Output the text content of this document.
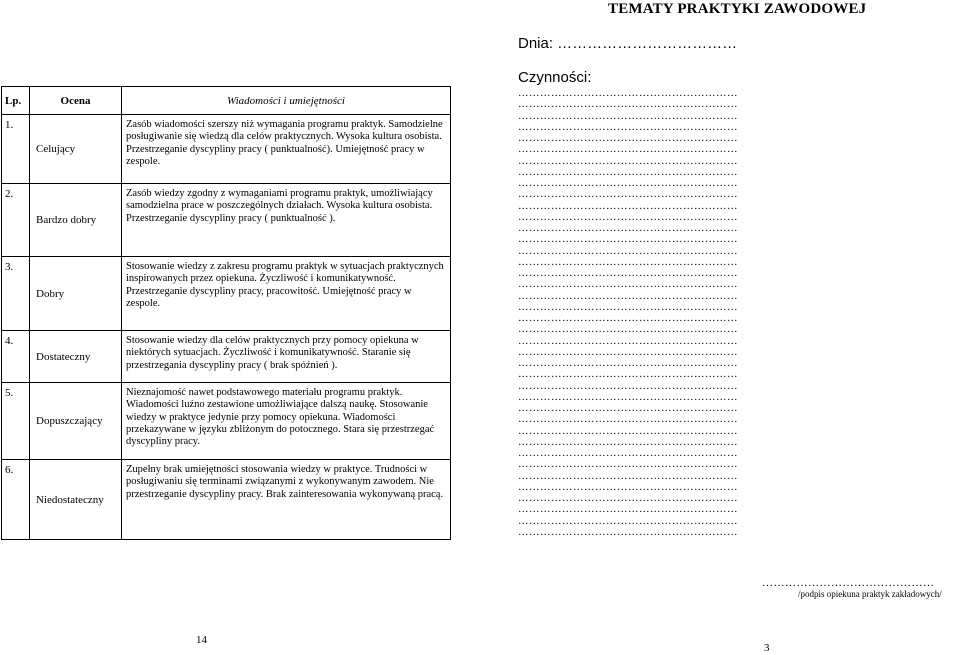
TEMATY PRAKTYKI ZAWODOWEJ
Dnia: ………………………………
Czynności:
……………………………………………………
……………………………………………………
……………………………………………………
……………………………………………………
……………………………………………………
……………………………………………………
……………………………………………………
……………………………………………………
……………………………………………………
……………………………………………………
……………………………………………………
……………………………………………………
……………………………………………………
……………………………………………………
……………………………………………………
……………………………………………………
……………………………………………………
……………………………………………………
……………………………………………………
……………………………………………………
……………………………………………………
……………………………………………………
……………………………………………………
……………………………………………………
……………………………………………………
……………………………………………………
……………………………………………………
……………………………………………………
……………………………………………………
……………………………………………………
……………………………………………………
……………………………………………………
……………………………………………………
……………………………………………………
……………………………………………………
……………………………………………………
……………………………………………………
……………………………………………………
……………………………………………………
……………………………………………………
Lp.	Ocena	Wiadomości i umiejętności
1.	Celujący	Zasób wiadomości szerszy niż wymagania programu praktyk. Samodzielne posługiwanie się wiedzą dla celów praktycznych. Wysoka kultura osobista. Przestrzeganie dyscypliny pracy ( punktualność). Umiejętność pracy w zespole.
2.	Bardzo dobry	Zasób wiedzy zgodny z wymaganiami programu praktyk, umożliwiający samodzielna prace w poszczególnych działach. Wysoka kultura osobista. Przestrzeganie dyscypliny pracy ( punktualność ).
3.	Dobry	Stosowanie wiedzy z zakresu programu praktyk w sytuacjach praktycznych inspirowanych przez opiekuna. Życzliwość i komunikatywność. Przestrzeganie dyscypliny pracy, pracowitość. Umiejętność pracy w zespole.
4.	Dostateczny	Stosowanie wiedzy dla celów praktycznych przy pomocy opiekuna w niektórych sytuacjach. Życzliwość i komunikatywność. Staranie się przestrzegania dyscypliny pracy ( brak spóźnień ).
5.	Dopuszczający	Nieznajomość nawet podstawowego materiału programu praktyk. Wiadomości luźno zestawione umożliwiające dalszą naukę. Stosowanie wiedzy w praktyce jedynie przy pomocy opiekuna. Wiadomości przekazywane w języku zbliżonym do potocznego. Stara się przestrzegać dyscypliny pracy.
6.	Niedostateczny	Zupełny brak umiejętności stosowania wiedzy w praktyce. Trudności w posługiwaniu się terminami związanymi z wykonywanym zawodem. Nie przestrzeganie dyscypliny pracy. Brak zainteresowania wykonywaną pracą.
………………………………………
/podpis opiekuna praktyk zakładowych/
14
3
